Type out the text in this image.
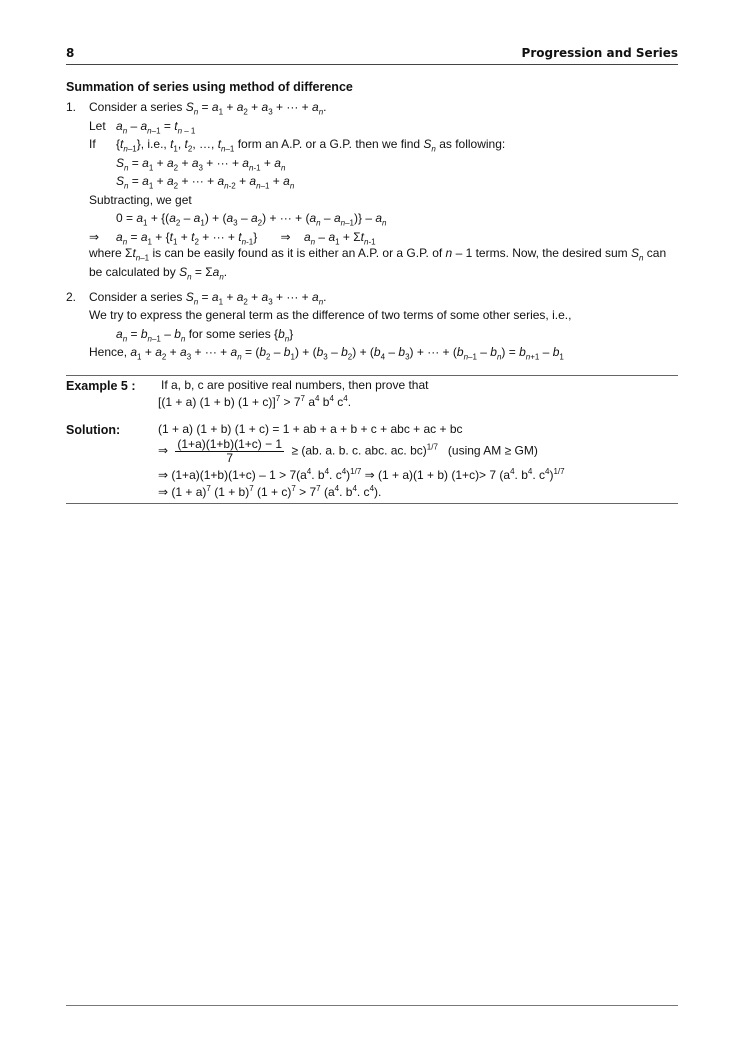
8	Progression and Series
Summation of series using method of difference
1. Consider a series $S_n = a_1 + a_2 + a_3$ + ··· + $a_n$.
Let $a_n - a_{n-1} = t_n$ $_{- 1}$
If $\{t_{n-1}\}$, i.e., $t_1$, $t_2$, …, $t_{n-1}$ form an A.P. or a G.P. then we find $S_n$ as following:
$S_n = a_1 + a_2 + a_3$ + ··· + $a_{n-1} + a_n$
$S_n = a_1 + a_2$ + ··· + $a_{n-2} + a_{n-1} + a_n$
Subtracting, we get
$0 = a_1 + \{(a_2 - a_1) + (a_3 - a_2)$ + ··· + $(a_n - a_{n-1})\} - a_n$
⇒ $a_n = a_1 + \{t_1 + t_2$ + ··· + $t_{n-1}$}       ⇒    $a_n - a_1 + \Sigma t_{n-1}$
where $\Sigma t_{n-1}$ is can be easily found as it is either an A.P. or a G.P. of n – 1 terms. Now, the desired sum $S_n$ can be calculated by $S_n = \Sigma a_n$.
2. Consider a series $S_n = a_1 + a_2 + a_3$ + ··· + $a_n$.
We try to express the general term as the difference of two terms of some other series, i.e.,
$a_n = b_{n-1} - b_n$ for some series $\{b_n\}$
Hence, $a_1 + a_2 + a_3$ + ··· + $a_n = (b_2 - b_1) + (b_3 - b_2) + (b_4 - b_3)$ + ··· + $(b_{n-1} - b_n) = b_{n+1} - b_1$
Example 5 :	If a, b, c are positive real numbers, then prove that
[(1 + a) (1 + b) $(1 + c)]^7 > 7^7$ $a^4$ $b^4$ $c^4$.
Solution:	(1 + a) (1 + b) (1 + c) = 1 + ab + a + b + c + abc + ac + bc
⇒ $\frac{(1+a)(1+b)(1+c) - 1}{7} \ge (ab$. a. b. c. abc. ac. bc)$^{1/7}$ (using AM ≥ GM)
⇒ $(1+a)(1+b)(1+c) - 1 > 7(a^4$. $b^4$. $c^4)^{1/7}$ ⇒ (1 + a)(1 + b) (1+c)> 7 ($a^4$. $b^4$. $c^4)^{1/7}$
⇒ $(1 + a)^7$ $(1 + b)^7$ $(1 + c)^7 > 7^7$ ($a^4$. $b^4$. $c^4$).
